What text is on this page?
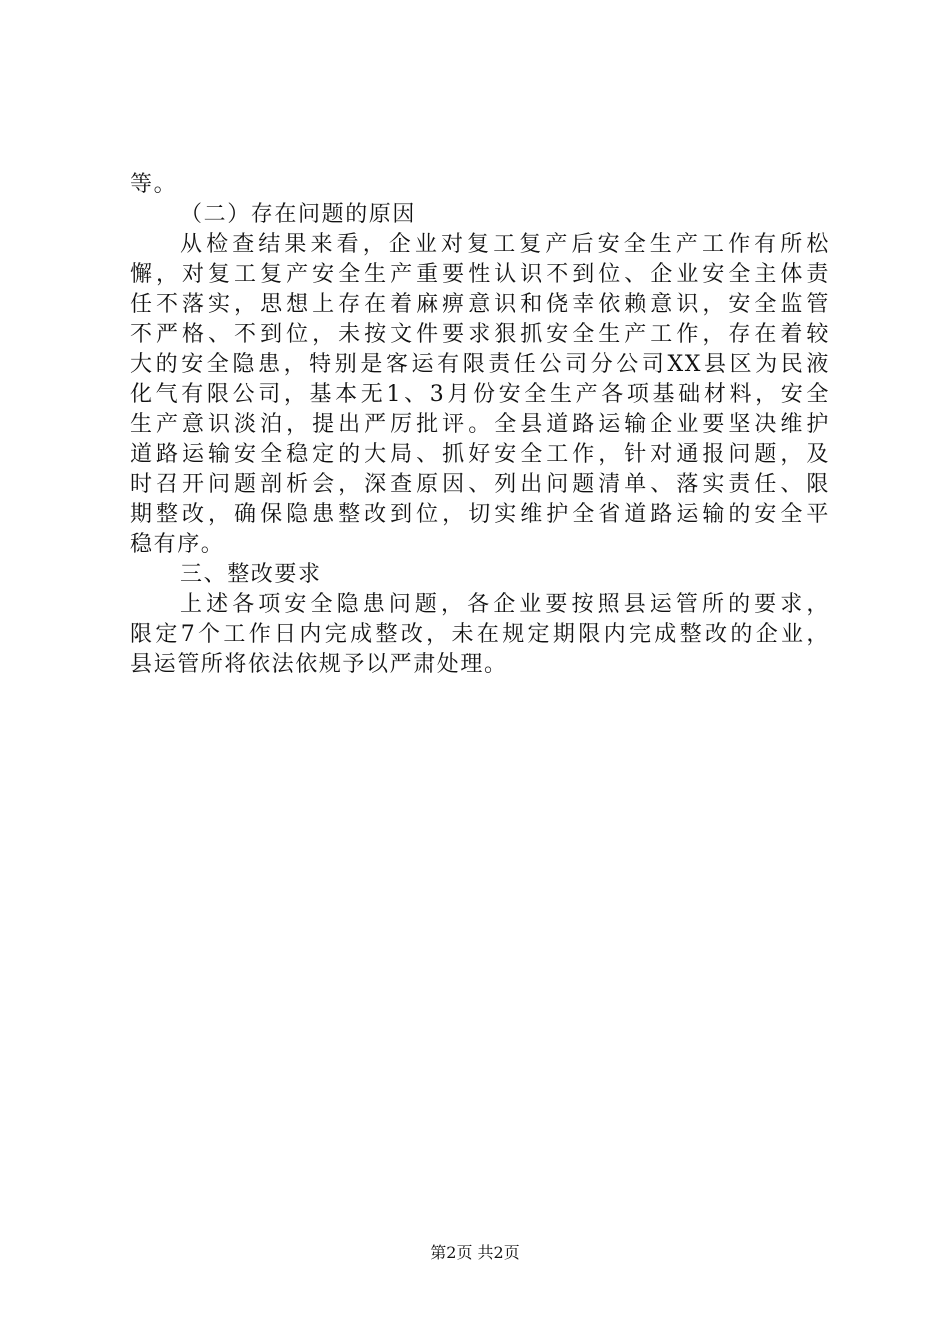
等。
（二）存在问题的原因
从检查结果来看，企业对复工复产后安全生产工作有所松
懈，对复工复产安全生产重要性认识不到位、企业安全主体责
任不落实，思想上存在着麻痹意识和侥幸依赖意识，安全监管
不严格、不到位，未按文件要求狠抓安全生产工作，存在着较
大的安全隐患，特别是客运有限责任公司分公司XX县区为民液
化气有限公司，基本无1、3月份安全生产各项基础材料，安全
生产意识淡泊，提出严厉批评。全县道路运输企业要坚决维护
道路运输安全稳定的大局、抓好安全工作，针对通报问题，及
时召开问题剖析会，深查原因、列出问题清单、落实责任、限
期整改，确保隐患整改到位，切实维护全省道路运输的安全平
稳有序。
三、整改要求
上述各项安全隐患问题，各企业要按照县运管所的要求，
限定7个工作日内完成整改，未在规定期限内完成整改的企业，
县运管所将依法依规予以严肃处理。
第2页 共2页
